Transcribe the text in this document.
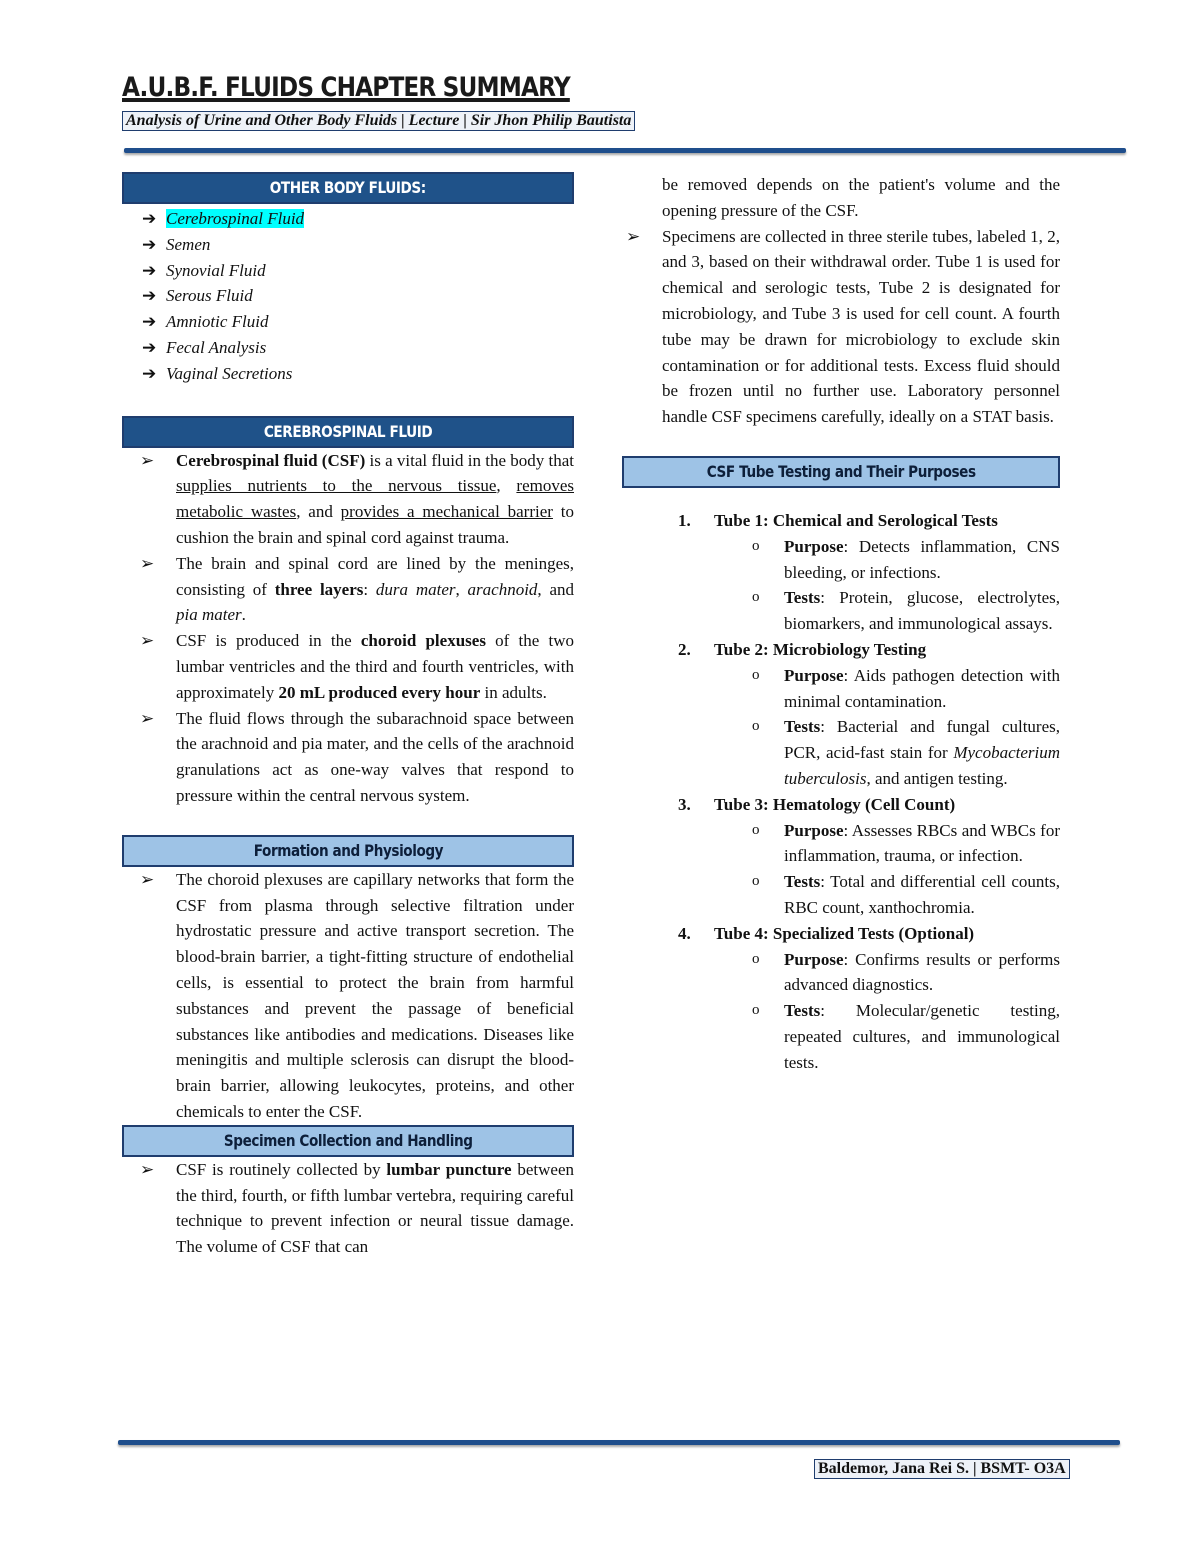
A.U.B.F. FLUIDS CHAPTER SUMMARY
Analysis of Urine and Other Body Fluids | Lecture | Sir Jhon Philip Bautista
OTHER BODY FLUIDS:
➔ Cerebrospinal Fluid
➔ Semen
➔ Synovial Fluid
➔ Serous Fluid
➔ Amniotic Fluid
➔ Fecal Analysis
➔ Vaginal Secretions
CEREBROSPINAL FLUID
➢ Cerebrospinal fluid (CSF) is a vital fluid in the body that supplies nutrients to the nervous tissue, removes metabolic wastes, and provides a mechanical barrier to cushion the brain and spinal cord against trauma.
➢ The brain and spinal cord are lined by the meninges, consisting of three layers: dura mater, arachnoid, and pia mater.
➢ CSF is produced in the choroid plexuses of the two lumbar ventricles and the third and fourth ventricles, with approximately 20 mL produced every hour in adults.
➢ The fluid flows through the subarachnoid space between the arachnoid and pia mater, and the cells of the arachnoid granulations act as one-way valves that respond to pressure within the central nervous system.
Formation and Physiology
➢ The choroid plexuses are capillary networks that form the CSF from plasma through selective filtration under hydrostatic pressure and active transport secretion. The blood-brain barrier, a tight-fitting structure of endothelial cells, is essential to protect the brain from harmful substances and prevent the passage of beneficial substances like antibodies and medications. Diseases like meningitis and multiple sclerosis can disrupt the blood-brain barrier, allowing leukocytes, proteins, and other chemicals to enter the CSF.
Specimen Collection and Handling
➢ CSF is routinely collected by lumbar puncture between the third, fourth, or fifth lumbar vertebra, requiring careful technique to prevent infection or neural tissue damage. The volume of CSF that can
be removed depends on the patient's volume and the opening pressure of the CSF.
➢ Specimens are collected in three sterile tubes, labeled 1, 2, and 3, based on their withdrawal order. Tube 1 is used for chemical and serologic tests, Tube 2 is designated for microbiology, and Tube 3 is used for cell count. A fourth tube may be drawn for microbiology to exclude skin contamination or for additional tests. Excess fluid should be frozen until no further use. Laboratory personnel handle CSF specimens carefully, ideally on a STAT basis.
CSF Tube Testing and Their Purposes
1. Tube 1: Chemical and Serological Tests
o Purpose: Detects inflammation, CNS bleeding, or infections.
o Tests: Protein, glucose, electrolytes, biomarkers, and immunological assays.
2. Tube 2: Microbiology Testing
o Purpose: Aids pathogen detection with minimal contamination.
o Tests: Bacterial and fungal cultures, PCR, acid-fast stain for Mycobacterium tuberculosis, and antigen testing.
3. Tube 3: Hematology (Cell Count)
o Purpose: Assesses RBCs and WBCs for inflammation, trauma, or infection.
o Tests: Total and differential cell counts, RBC count, xanthochromia.
4. Tube 4: Specialized Tests (Optional)
o Purpose: Confirms results or performs advanced diagnostics.
o Tests: Molecular/genetic testing, repeated cultures, and immunological tests.
Baldemor, Jana Rei S. | BSMT- O3A
